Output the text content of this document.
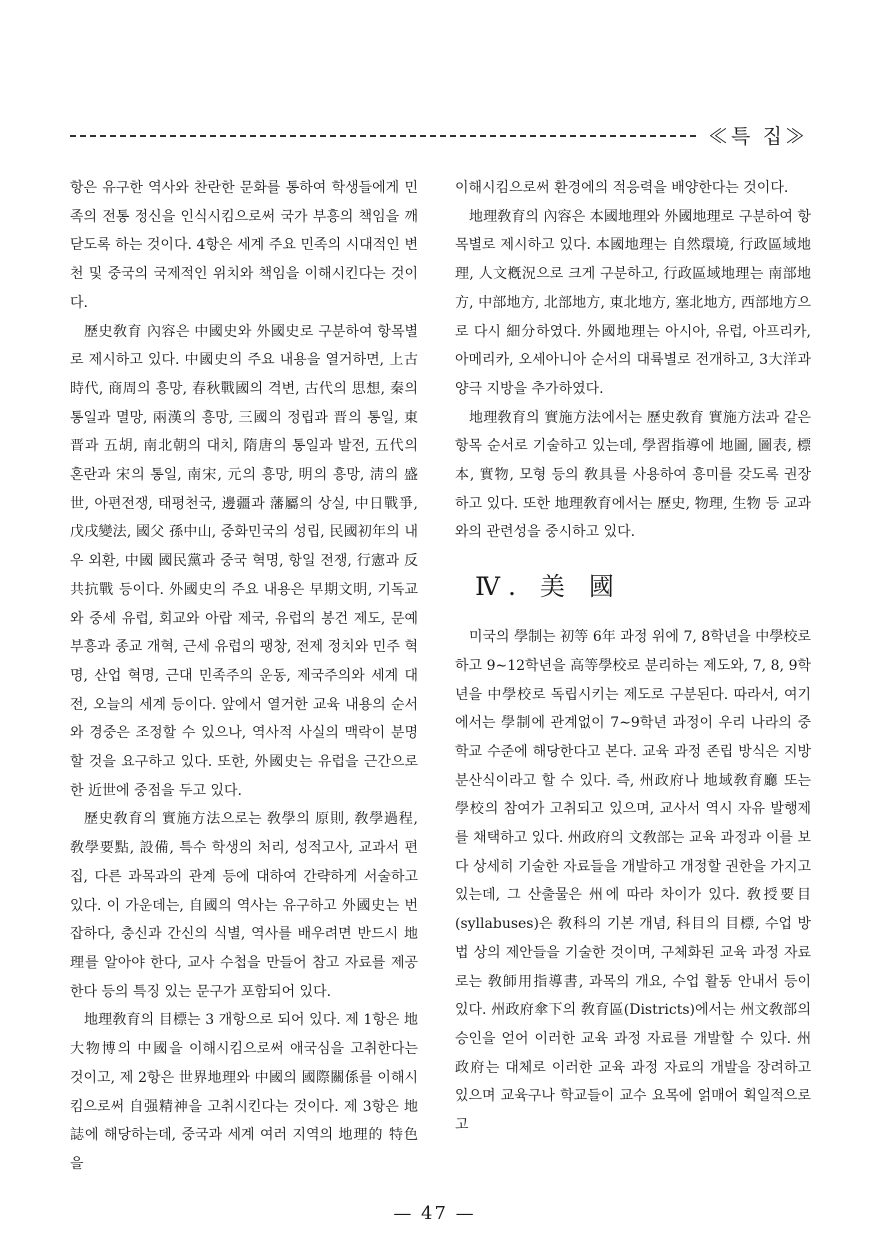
≪특 집≫

항은 유구한 역사와 찬란한 문화를 통하여 학생들에게 민족의 전통 정신을 인식시킴으로써 국가 부흥의 책임을 깨닫도록 하는 것이다. 4항은 세계 주요 민족의 시대적인 변천 및 중국의 국제적인 위치와 책임을 이해시킨다는 것이다.

歷史敎育 內容은 中國史와 外國史로 구분하여 항목별로 제시하고 있다. 中國史의 주요 내용을 열거하면, 上古時代, 商周의 흥망, 春秋戰國의 격변, 古代의 思想, 秦의 통일과 멸망, 兩漢의 흥망, 三國의 정립과 晋의 통일, 東晋과 五胡, 南北朝의 대치, 隋唐의 통일과 발전, 五代의 혼란과 宋의 통일, 南宋, 元의 흥망, 明의 흥망, 淸의 盛世, 아편전쟁, 태평천국, 邊疆과 藩屬의 상실, 中日戰爭, 戊戌變法, 國父 孫中山, 중화민국의 성립, 民國初年의 내우 외환, 中國 國民黨과 중국 혁명, 항일 전쟁, 行憲과 反共抗戰 등이다. 外國史의 주요 내용은 早期文明, 기독교와 중세 유럽, 회교와 아랍 제국, 유럽의 봉건 제도, 문예 부흥과 종교 개혁, 근세 유럽의 팽창, 전제 정치와 민주 혁명, 산업 혁명, 근대 민족주의 운동, 제국주의와 세계 대전, 오늘의 세계 등이다. 앞에서 열거한 교육 내용의 순서와 경중은 조정할 수 있으나, 역사적 사실의 맥락이 분명할 것을 요구하고 있다. 또한, 外國史는 유럽을 근간으로 한 近世에 중점을 두고 있다.

歷史敎育의 實施方法으로는 敎學의 原則, 敎學過程, 敎學要點, 設備, 특수 학생의 처리, 성적고사, 교과서 편집, 다른 과목과의 관계 등에 대하여 간략하게 서술하고 있다. 이 가운데는, 自國의 역사는 유구하고 外國史는 번잡하다, 충신과 간신의 식별, 역사를 배우려면 반드시 地理를 알아야 한다, 교사 수첩을 만들어 참고 자료를 제공한다 등의 특징 있는 문구가 포함되어 있다.

地理敎育의 目標는 3 개항으로 되어 있다. 제 1항은 地大物博의 中國을 이해시킴으로써 애국심을 고취한다는 것이고, 제 2항은 世界地理와 中國의 國際關係를 이해시킴으로써 自强精神을 고취시킨다는 것이다. 제 3항은 地誌에 해당하는데, 중국과 세계 여러 지역의 地理的 特色을

이해시킴으로써 환경에의 적응력을 배양한다는 것이다.

地理敎育의 內容은 本國地理와 外國地理로 구분하여 항목별로 제시하고 있다. 本國地理는 自然環境, 行政區域地理, 人文槪況으로 크게 구분하고, 行政區域地理는 南部地方, 中部地方, 北部地方, 東北地方, 塞北地方, 西部地方으로 다시 細分하였다. 外國地理는 아시아, 유럽, 아프리카, 아메리카, 오세아니아 순서의 대륙별로 전개하고, 3大洋과 양극 지방을 추가하였다.

地理敎育의 實施方法에서는 歷史敎育 實施方法과 같은 항목 순서로 기술하고 있는데, 學習指導에 地圖, 圖表, 標本, 實物, 모형 등의 敎具를 사용하여 흥미를 갖도록 권장하고 있다. 또한 地理敎育에서는 歷史, 物理, 生物 등 교과와의 관련성을 중시하고 있다.

Ⅳ. 美 國

미국의 學制는 初等 6年 과정 위에 7, 8학년을 中學校로 하고 9∼12학년을 高等學校로 분리하는 제도와, 7, 8, 9학년을 中學校로 독립시키는 제도로 구분된다. 따라서, 여기에서는 學制에 관계없이 7∼9학년 과정이 우리 나라의 중학교 수준에 해당한다고 본다. 교육 과정 존립 방식은 지방분산식이라고 할 수 있다. 즉, 州政府나 地域敎育廳 또는 學校의 참여가 고취되고 있으며, 교사서 역시 자유 발행제를 채택하고 있다. 州政府의 文敎部는 교육 과정과 이를 보다 상세히 기술한 자료들을 개발하고 개정할 권한을 가지고 있는데, 그 산출물은 州에 따라 차이가 있다. 敎授要目(syllabuses)은 敎科의 기본 개념, 科目의 目標, 수업 방법 상의 제안들을 기술한 것이며, 구체화된 교육 과정 자료로는 敎師用指導書, 과목의 개요, 수업 활동 안내서 등이 있다. 州政府傘下의 敎育區(Districts)에서는 州文敎部의 승인을 얻어 이러한 교육 과정 자료를 개발할 수 있다. 州政府는 대체로 이러한 교육 과정 자료의 개발을 장려하고 있으며 교육구나 학교들이 교수 요목에 얽매어 획일적으로 고

— 47 —
